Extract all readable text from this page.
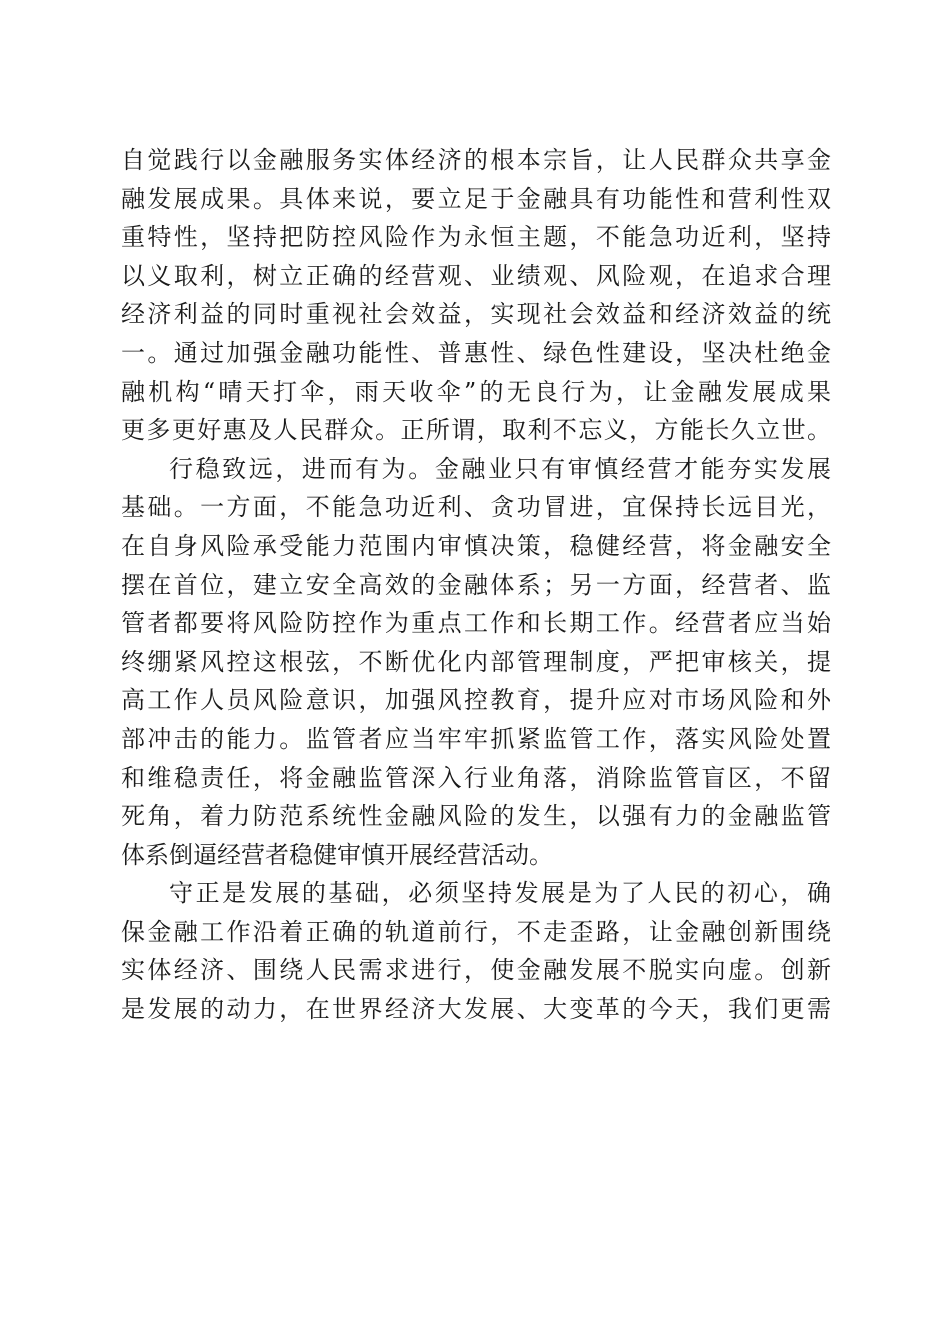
自觉践行以金融服务实体经济的根本宗旨，让人民群众共享金
融发展成果。具体来说，要立足于金融具有功能性和营利性双
重特性，坚持把防控风险作为永恒主题，不能急功近利，坚持
以义取利，树立正确的经营观、业绩观、风险观，在追求合理
经济利益的同时重视社会效益，实现社会效益和经济效益的统
一。通过加强金融功能性、普惠性、绿色性建设，坚决杜绝金
融机构“晴天打伞，雨天收伞”的无良行为，让金融发展成果
更多更好惠及人民群众。正所谓，取利不忘义，方能长久立世。
行稳致远，进而有为。金融业只有审慎经营才能夯实发展
基础。一方面，不能急功近利、贪功冒进，宜保持长远目光，
在自身风险承受能力范围内审慎决策，稳健经营，将金融安全
摆在首位，建立安全高效的金融体系；另一方面，经营者、监
管者都要将风险防控作为重点工作和长期工作。经营者应当始
终绷紧风控这根弦，不断优化内部管理制度，严把审核关，提
高工作人员风险意识，加强风控教育，提升应对市场风险和外
部冲击的能力。监管者应当牢牢抓紧监管工作，落实风险处置
和维稳责任，将金融监管深入行业角落，消除监管盲区，不留
死角，着力防范系统性金融风险的发生，以强有力的金融监管
体系倒逼经营者稳健审慎开展经营活动。
守正是发展的基础，必须坚持发展是为了人民的初心，确
保金融工作沿着正确的轨道前行，不走歪路，让金融创新围绕
实体经济、围绕人民需求进行，使金融发展不脱实向虚。创新
是发展的动力，在世界经济大发展、大变革的今天，我们更需
